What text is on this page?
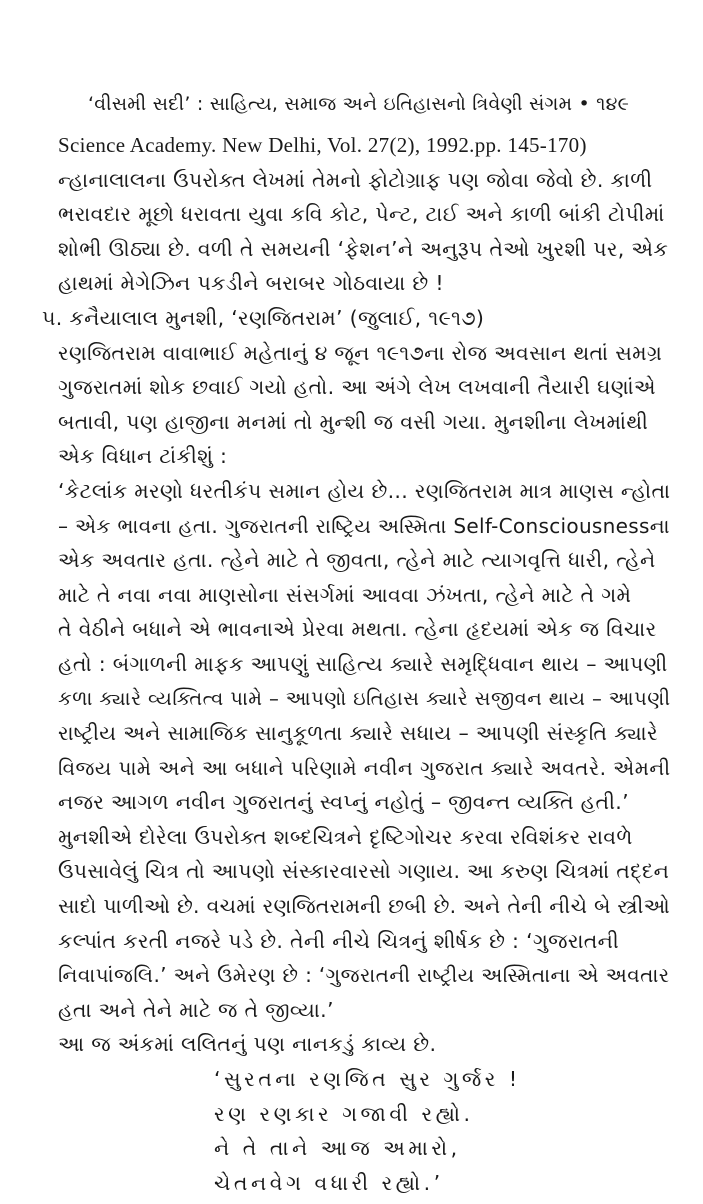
‘વીસમી સદી’ : સાહિત્ય, સમાજ અને ઇતિહાસનો ત્રિવેણી સંગમ • ૧૪૯
Science Academy. New Delhi, Vol. 27(2), 1992.pp. 145-170)
ન્હાનાલાલના ઉપરોક્ત લેખમાં તેમનો ફોટોગ્રાફ પણ જોવા જેવો છે. કાળી
ભરાવદાર મૂછો ધરાવતા યુવા કવિ કોટ, પેન્ટ, ટાઈ અને કાળી બાંકી ટોપીમાં
શોભી ઊઠ્યા છે. વળી તે સમયની ‘ફેશન’ને અનુરૂપ તેઓ ખુરશી પર, એક
હાથમાં મેગેઝિન પકડીને બરાબર ગોઠવાયા છે !
૫. કનૈયાલાલ મુનશી, ‘રણજિતરામ’ (જુલાઈ, ૧૯૧૭)
રણજિતરામ વાવાભાઈ મહેતાનું ૪ જૂન ૧૯૧૭ના રોજ અવસાન થતાં સમગ્ર
ગુજરાતમાં શોક છવાઈ ગયો હતો. આ અંગે લેખ લખવાની તૈયારી ઘણાંએ
બતાવી, પણ હાજીના મનમાં તો મુન્શી જ વસી ગયા. મુનશીના લેખમાંથી
એક વિધાન ટાંકીશું :
‘કેટલાંક મરણો ધરતીકંપ સમાન હોય છે... રણજિતરામ માત્ર માણસ ન્હોતા
– એક ભાવના હતા. ગુજરાતની રાષ્ટ્રિય અસ્મિતા Self-Consciousnessના
એક અવતાર હતા. ત્હેને માટે તે જીવતા, ત્હેને માટે ત્યાગવૃત્તિ ધારી, ત્હેને
માટે તે નવા નવા માણસોના સંસર્ગમાં આવવા ઝંખતા, ત્હેને માટે તે ગમે
તે વેઠીને બધાને એ ભાવનાએ પ્રેરવા મથતા. ત્હેના હૃદયમાં એક જ વિચાર
હતો : બંગાળની માફક આપણું સાહિત્ય ક્યારે સમૃદ્ધિવાન થાય – આપણી
કળા ક્યારે વ્યક્તિત્વ પામે – આપણો ઇતિહાસ ક્યારે સજીવન થાય – આપણી
રાષ્ટ્રીય અને સામાજિક સાનુકૂળતા ક્યારે સધાય – આપણી સંસ્કૃતિ ક્યારે
વિજય પામે અને આ બધાને પરિણામે નવીન ગુજરાત ક્યારે અવતરે. એમની
નજર આગળ નવીન ગુજરાતનું સ્વપ્નું નહોતું – જીવન્ત વ્યક્તિ હતી.’
મુનશીએ દોરેલા ઉપરોક્ત શબ્દચિત્રને દૃષ્ટિગોચર કરવા રવિશંકર રાવળે
ઉપસાવેલું ચિત્ર તો આપણો સંસ્કારવારસો ગણાય. આ કરુણ ચિત્રમાં તદ્દન
સાદો પાળીઓ છે. વચમાં રણજિતરામની છબી છે. અને તેની નીચે બે સ્ત્રીઓ
કલ્પાંત કરતી નજરે પડે છે. તેની નીચે ચિત્રનું શીર્ષક છે : ‘ગુજરાતની
નિવાપાંજલિ.’ અને ઉમેરણ છે : ‘ગુજરાતની રાષ્ટ્રીય અસ્મિતાના એ અવતાર
હતા અને તેને માટે જ તે જીવ્યા.’
આ જ અંકમાં લલિતનું પણ નાનકડું કાવ્ય છે.
‘સુરતના રણજિત સુર ગુર્જર !
રણ રણકાર ગજાવી રહ્યો.
ને તે તાને આજ અમારો,
ચેતનવેગ વધારી રહ્યો.’
